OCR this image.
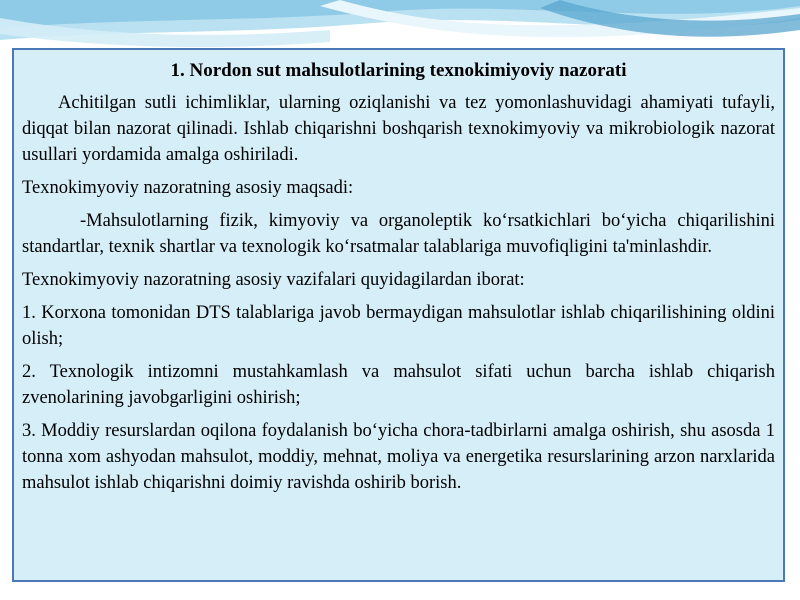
1. Nordon sut mahsulotlarining texnokimiyoviy nazorati

Achitilgan sutli ichimliklar, ularning oziqlanishi va tez yomonlashuvidagi ahamiyati tufayli, diqqat bilan nazorat qilinadi. Ishlab chiqarishni boshqarish texnokimyoviy va mikrobiologik nazorat usullari yordamida amalga oshiriladi.

Texnokimyoviy nazoratning asosiy maqsadi:

-Mahsulotlarning fizik, kimyoviy va organoleptik ko‘rsatkichlari bo‘yicha chiqarilishini standartlar, texnik shartlar va texnologik ko‘rsatmalar talablariga muvofiqligini ta'minlashdir.

Texnokimyoviy nazoratning asosiy vazifalari quyidagilardan iborat:

1. Korxona tomonidan DTS talablariga javob bermaydigan mahsulotlar ishlab chiqarilishining oldini olish;

2. Texnologik intizomni mustahkamlash va mahsulot sifati uchun barcha ishlab chiqarish zvenolarining javobgarligini oshirish;

3. Moddiy resurslardan oqilona foydalanish bo‘yicha chora-tadbirlarni amalga oshirish, shu asosda 1 tonna xom ashyodan mahsulot, moddiy, mehnat, moliya va energetika resurslarining arzon narxlarida mahsulot ishlab chiqarishni doimiy ravishda oshirib borish.
